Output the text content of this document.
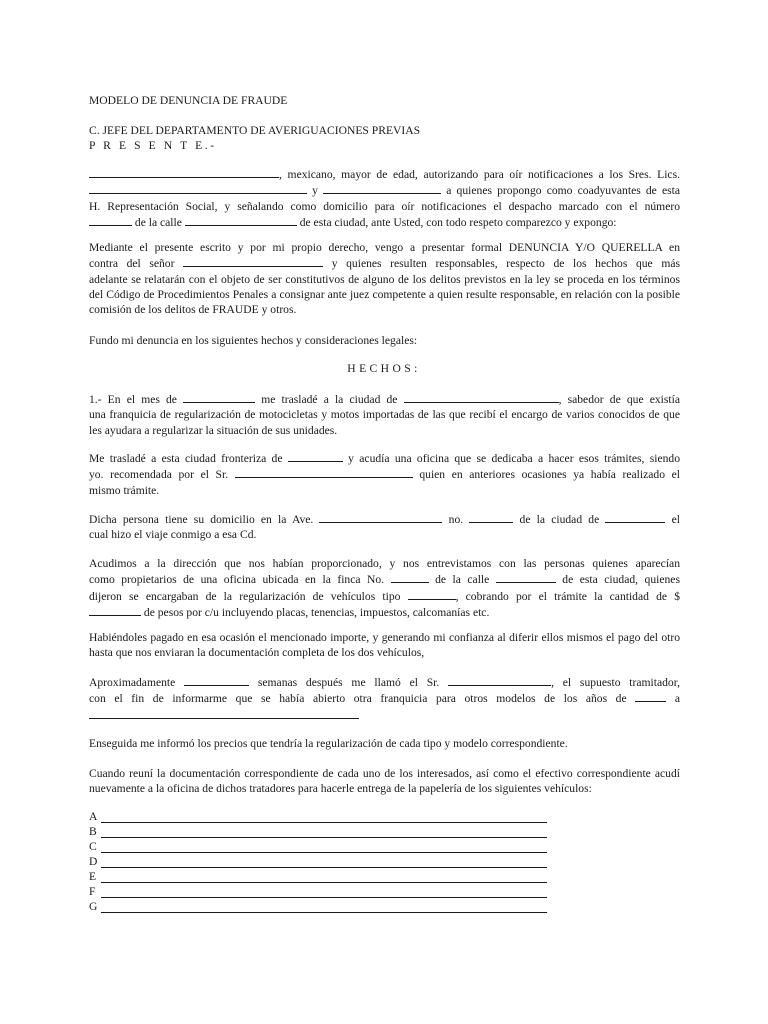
MODELO DE DENUNCIA DE FRAUDE
C. JEFE DEL DEPARTAMENTO DE AVERIGUACIONES PREVIAS
P R E S E N T E.-
, mexicano, mayor de edad, autorizando para oír notificaciones a los Sres. Lics.
y	a quienes propongo como coadyuvantes de esta
H. Representación Social, y señalando como domicilio para oír notificaciones el despacho marcado con el número
de la calle	de esta ciudad, ante Usted, con todo respeto comparezco y expongo:
Mediante el presente escrito y por mi propio derecho, vengo a presentar formal DENUNCIA Y/O QUERELLA en
contra del señor	y quienes resulten responsables, respecto de los hechos que más
adelante se relatarán con el objeto de ser constitutivos de alguno de los delitos previstos en la ley se proceda en los términos del Código de Procedimientos Penales a consignar ante juez competente a quien resulte responsable, en relación con la posible comisión de los delitos de FRAUDE y otros.
Fundo mi denuncia en los siguientes hechos y consideraciones legales:
HECHOS:
1.- En el mes de	me trasladé a la ciudad de	, sabedor de que existía
una franquicia de regularización de motocicletas y motos importadas de las que recibí el encargo de varios conocidos de que les ayudara a regularizar la situación de sus unidades.
Me trasladé a esta ciudad fronteriza de	y acudía una oficina que se dedicaba a hacer esos trámites, siendo
yo. recomendada por el Sr.	quien en anteriores ocasiones ya había realizado el
mismo trámite.
Dicha persona tiene su domicilio en la Ave.	no.	de la ciudad de	el
cual hizo el viaje conmigo a esa Cd.
Acudimos a la dirección que nos habían proporcionado, y nos entrevistamos con las personas quienes aparecían
como propietarios de una oficina ubicada en la finca No.	de la calle	de esta ciudad, quienes
dijeron se encargaban de la regularización de vehículos tipo	, cobrando por el trámite la cantidad de $
de pesos por c/u incluyendo placas, tenencias, impuestos, calcomanías etc.
Habiéndoles pagado en esa ocasión el mencionado importe, y generando mi confianza al diferir ellos mismos el pago del otro hasta que nos enviaran la documentación completa de los dos vehículos,
Aproximadamente	semanas después me llamó el Sr.	, el supuesto tramitador,
con el fin de informarme que se había abierto otra franquicia para otros modelos de los años de	a
Enseguida me informó los precios que tendría la regularización de cada tipo y modelo correspondiente.
Cuando reuní la documentación correspondiente de cada uno de los interesados, así como el efectivo correspondiente acudí nuevamente a la oficina de dichos tratadores para hacerle entrega de la papelería de los siguientes vehículos:
A
B
C
D
E
F
G
